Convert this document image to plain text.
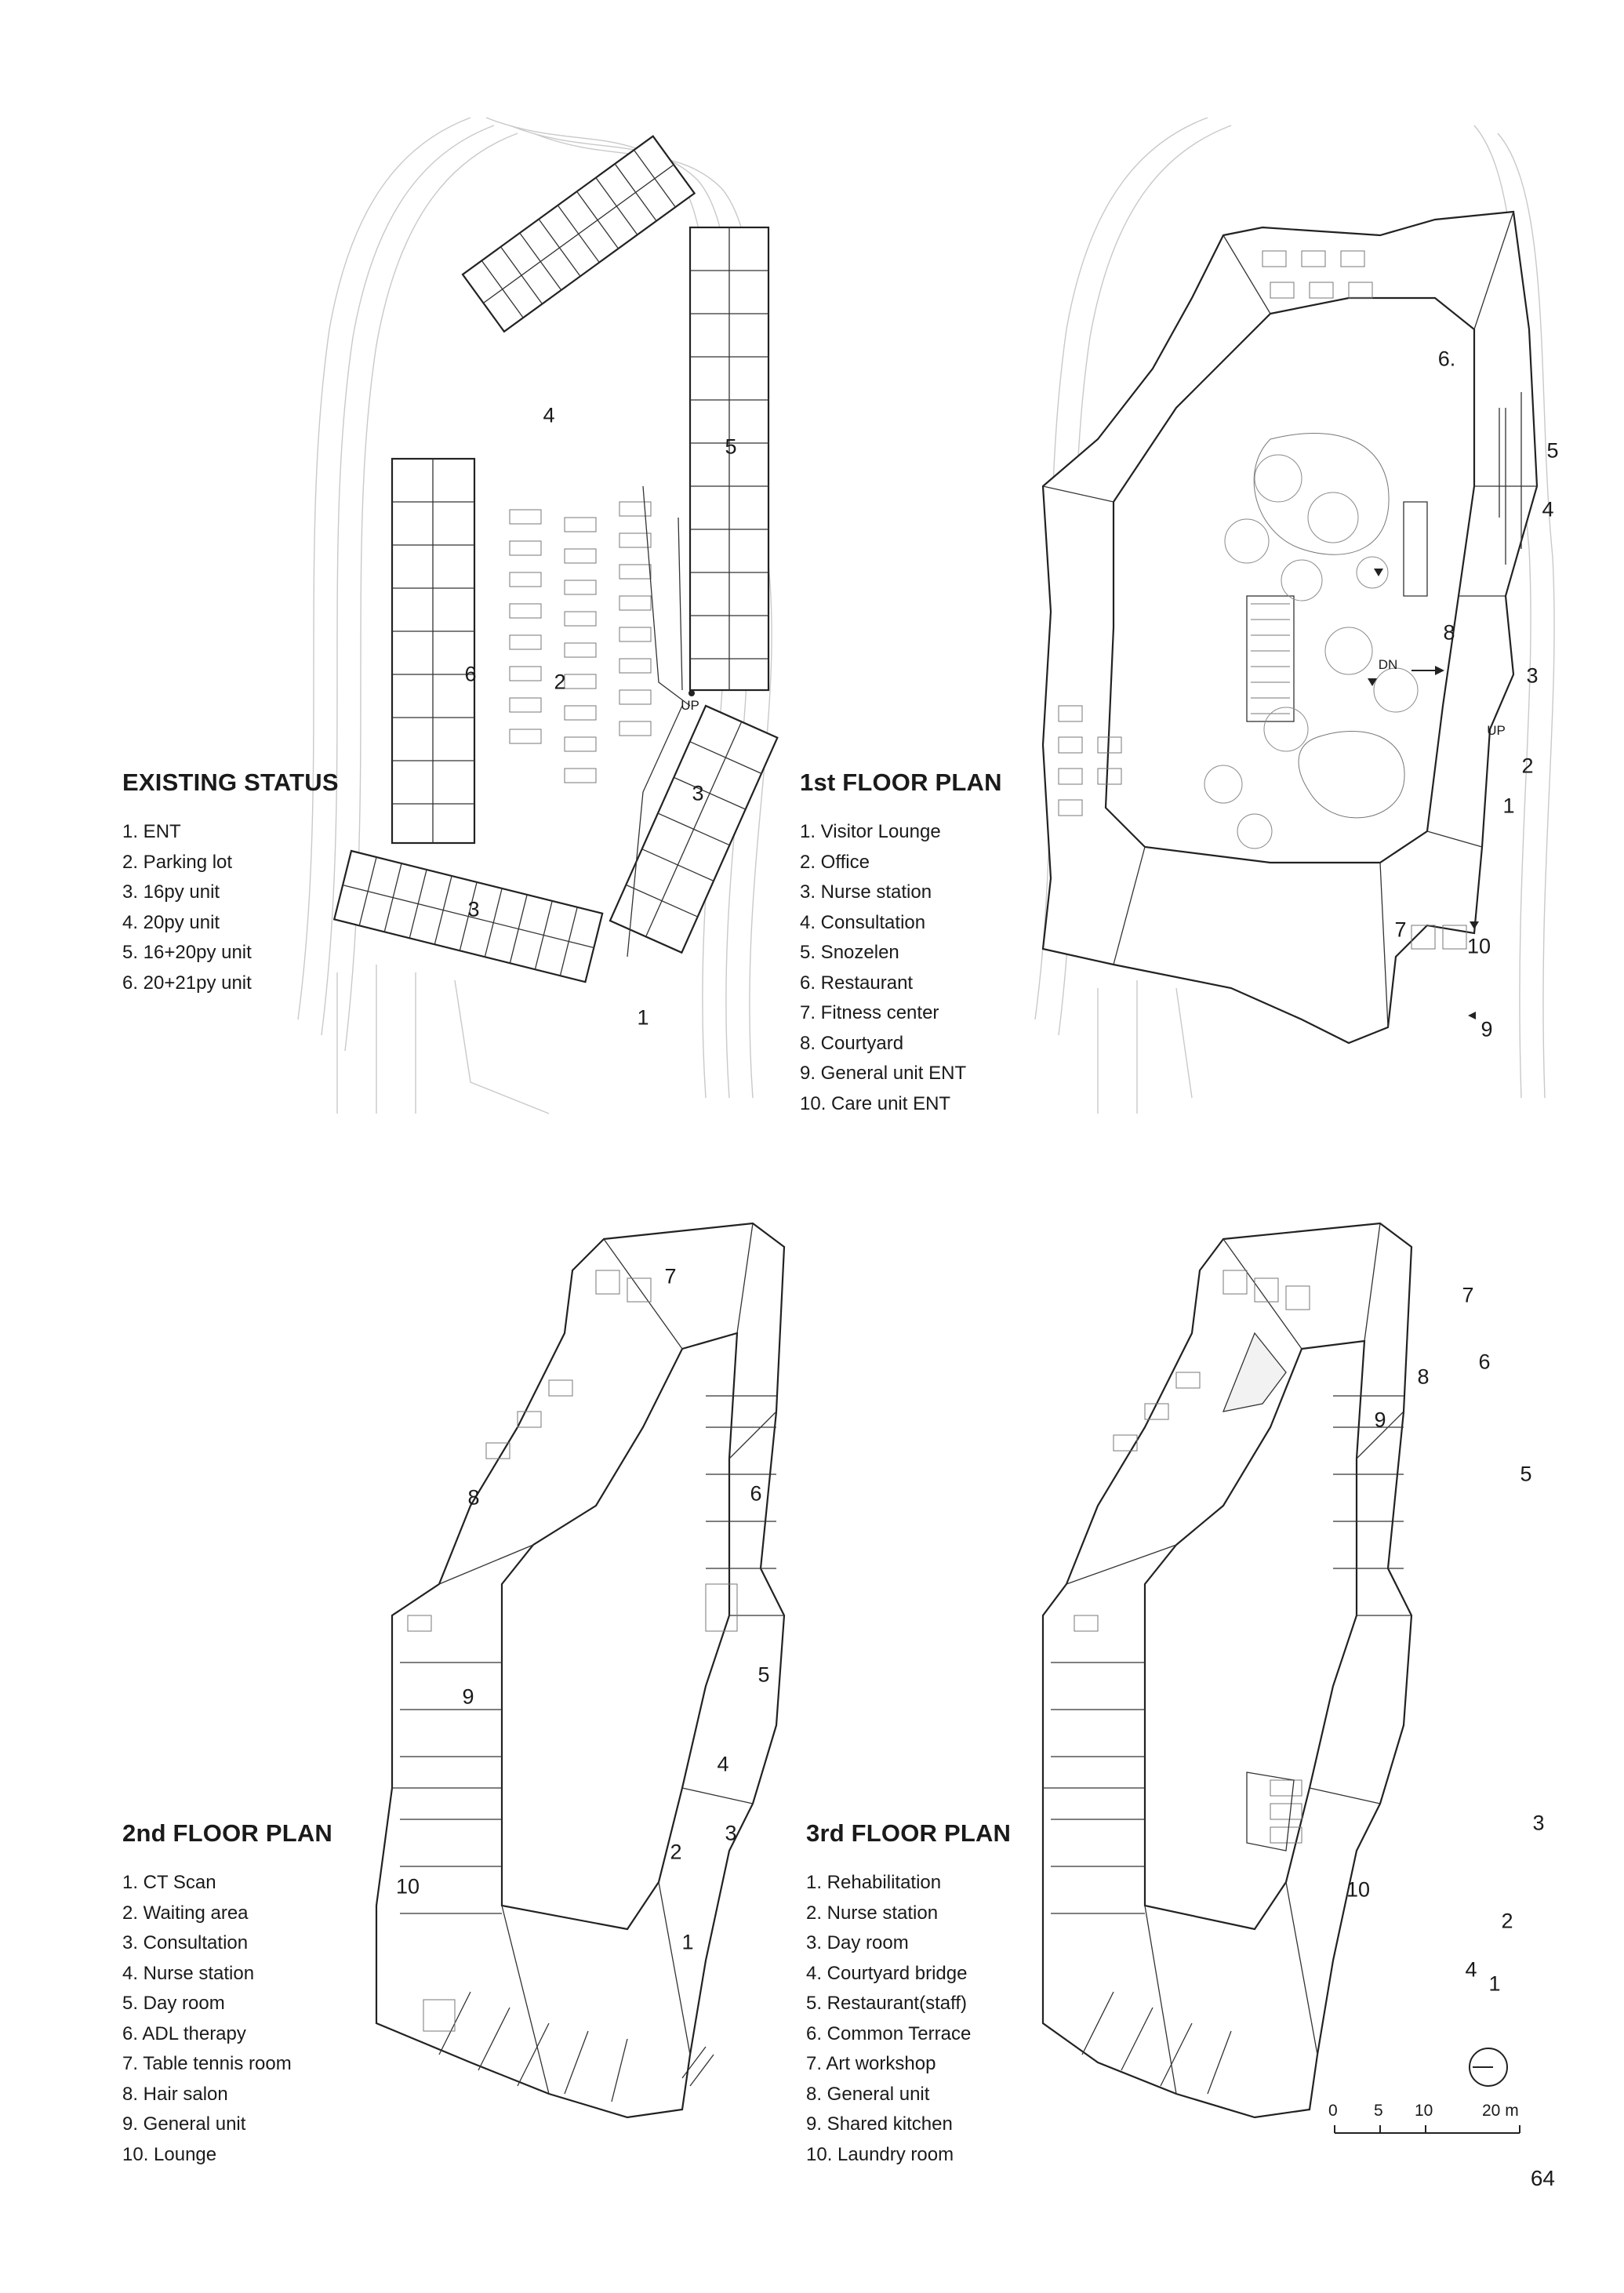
UP
1
2
3
3
4
5
6
EXISTING STATUS
1. ENT
2. Parking lot
3. 16py unit
4. 20py unit
5. 16+20py unit
6. 20+21py unit
DN
UP
1
2
3
4
5
6.
7
8
9
10
1st FLOOR PLAN
1. Visitor Lounge
2. Office
3. Nurse station
4. Consultation
5. Snozelen
6. Restaurant
7. Fitness center
8. Courtyard
9. General unit ENT
10. Care unit ENT
1
2
3
4
5
6
7
8
9
10
2nd FLOOR PLAN
1. CT Scan
2. Waiting area
3. Consultation
4. Nurse station
5. Day room
6. ADL therapy
7. Table tennis room
8. Hair salon
9. General unit
10. Lounge
1
2
3
4
5
6
7
8
9
10
3rd FLOOR PLAN
1. Rehabilitation
2. Nurse station
3. Day room
4. Courtyard bridge
5. Restaurant(staff)
6. Common Terrace
7. Art workshop
8. General unit
9. Shared kitchen
10. Laundry room
0 5 10	20 m
64
